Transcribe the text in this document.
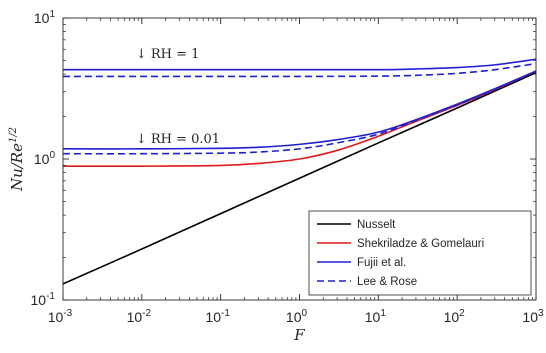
$10^{-3}$	$10^{-2}$	$10^{-1}$	$10^0$	$10^1$	$10^2$	$10^3$
$10^{-1}$
$10^0$
$10^1$
F
$Nu/Re^{1/2}$
↓ RH = 1
↓ RH = 0.01
Nusselt
Shekriladze & Gomelauri
Fujii et al.
Lee & Rose
